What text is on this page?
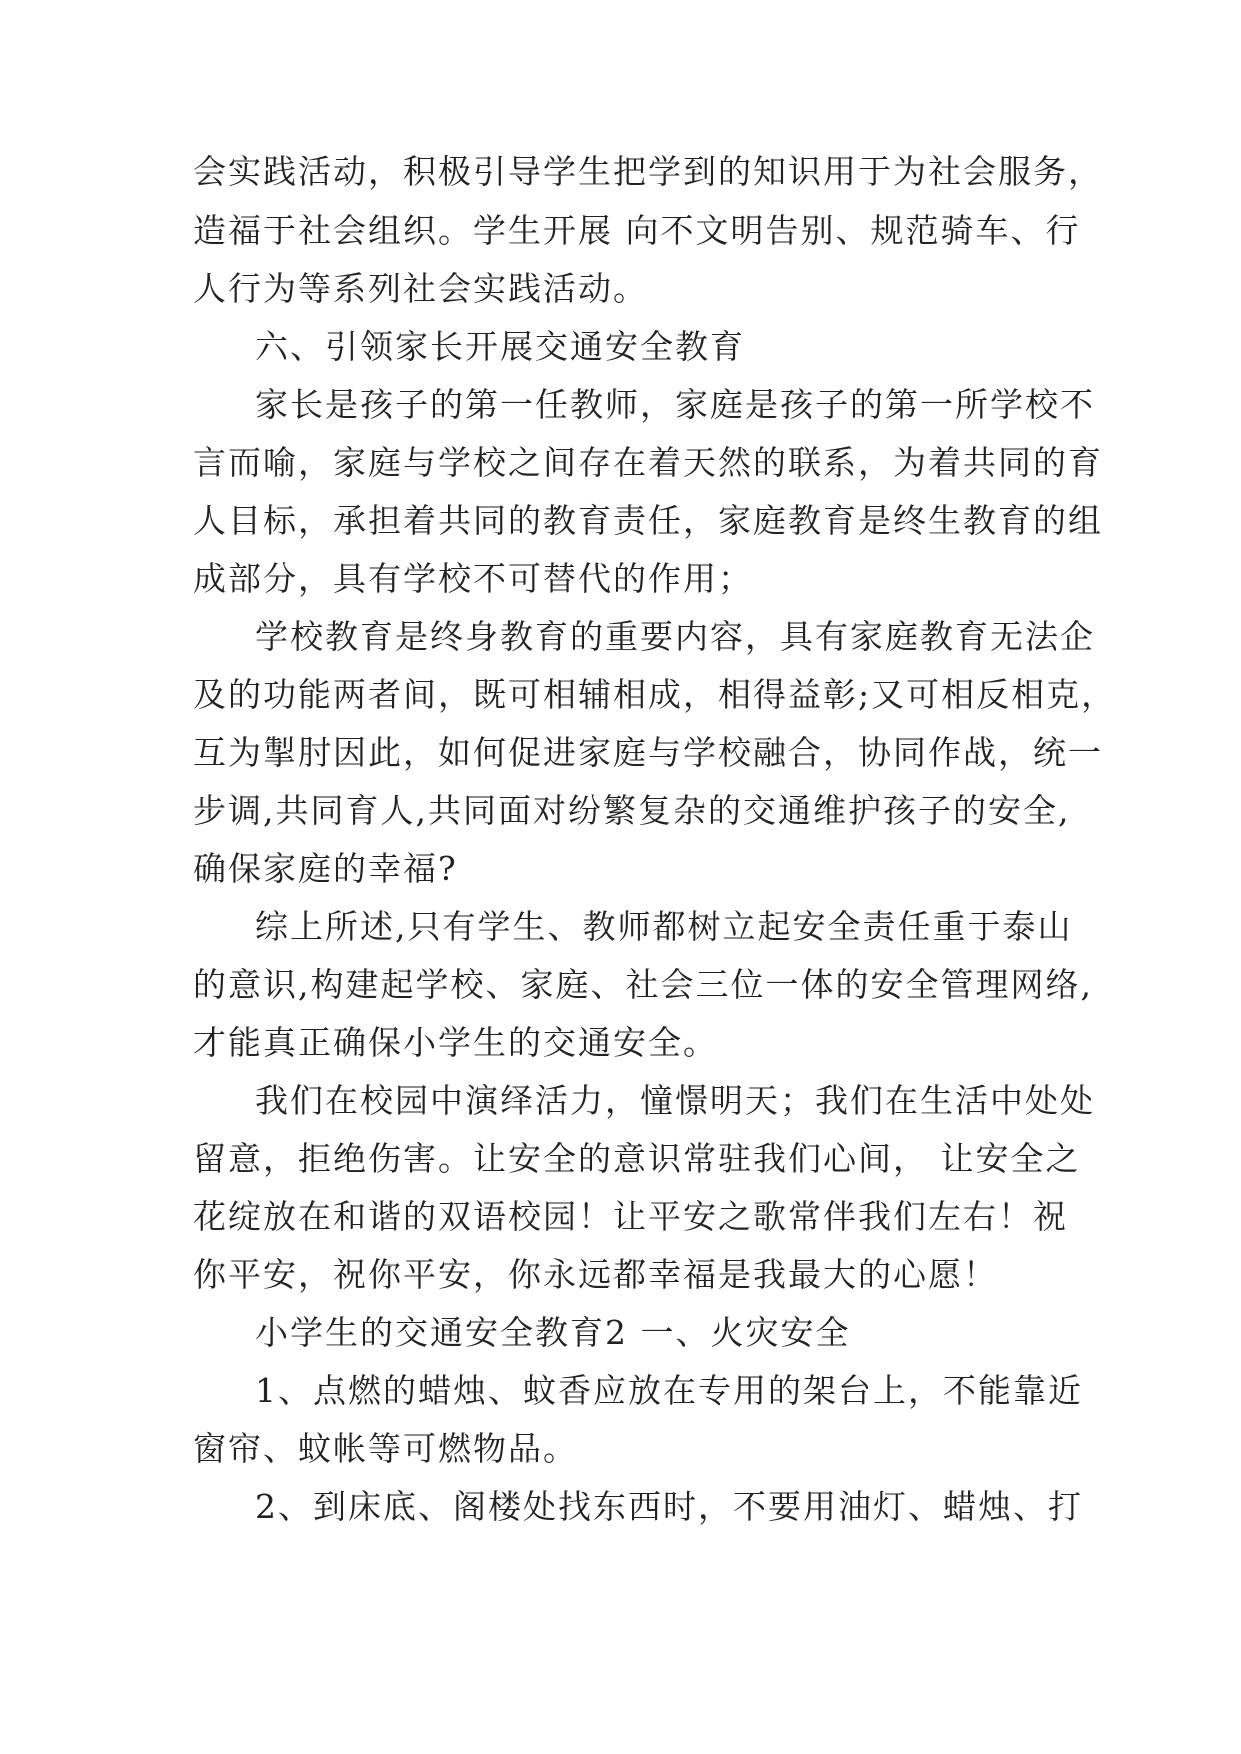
会实践活动，积极引导学生把学到的知识用于为社会服务，
造福于社会组织。学生开展 向不文明告别、规范骑车、行
人行为等系列社会实践活动。
六、引领家长开展交通安全教育
家长是孩子的第一任教师，家庭是孩子的第一所学校不
言而喻，家庭与学校之间存在着天然的联系，为着共同的育
人目标，承担着共同的教育责任，家庭教育是终生教育的组
成部分，具有学校不可替代的作用；
学校教育是终身教育的重要内容，具有家庭教育无法企
及的功能两者间，既可相辅相成，相得益彰;又可相反相克，
互为掣肘因此，如何促进家庭与学校融合，协同作战，统一
步调,共同育人,共同面对纷繁复杂的交通维护孩子的安全,
确保家庭的幸福?
综上所述,只有学生、教师都树立起安全责任重于泰山
的意识,构建起学校、家庭、社会三位一体的安全管理网络,
才能真正确保小学生的交通安全。
我们在校园中演绎活力，憧憬明天；我们在生活中处处
留意，拒绝伤害。让安全的意识常驻我们心间， 让安全之
花绽放在和谐的双语校园！让平安之歌常伴我们左右！祝
你平安，祝你平安，你永远都幸福是我最大的心愿！
小学生的交通安全教育2 一、火灾安全
1、点燃的蜡烛、蚊香应放在专用的架台上，不能靠近
窗帘、蚊帐等可燃物品。
2、到床底、阁楼处找东西时，不要用油灯、蜡烛、打
